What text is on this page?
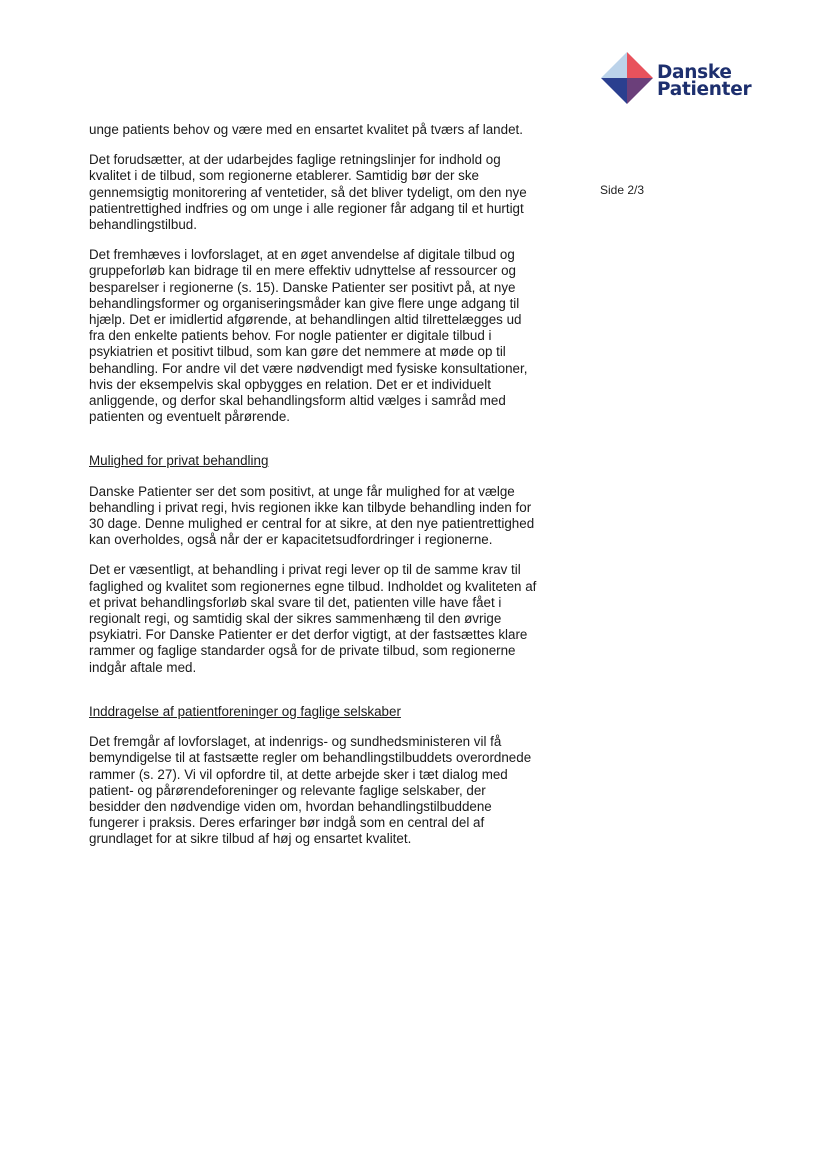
Danske
Patienter
Side 2/3

unge patients behov og være med en ensartet kvalitet på tværs af landet.

Det forudsætter, at der udarbejdes faglige retningslinjer for indhold og kvalitet i de tilbud, som regionerne etablerer. Samtidig bør der ske gennemsigtig monitorering af ventetider, så det bliver tydeligt, om den nye patientrettighed indfries og om unge i alle regioner får adgang til et hurtigt behandlingstilbud.

Det fremhæves i lovforslaget, at en øget anvendelse af digitale tilbud og gruppeforløb kan bidrage til en mere effektiv udnyttelse af ressourcer og besparelser i regionerne (s. 15). Danske Patienter ser positivt på, at nye behandlingsformer og organiseringsmåder kan give flere unge adgang til hjælp. Det er imidlertid afgørende, at behandlingen altid tilrettelægges ud fra den enkelte patients behov. For nogle patienter er digitale tilbud i psykiatrien et positivt tilbud, som kan gøre det nemmere at møde op til behandling. For andre vil det være nødvendigt med fysiske konsultationer, hvis der eksempelvis skal opbygges en relation. Det er et individuelt anliggende, og derfor skal behandlingsform altid vælges i samråd med patienten og eventuelt pårørende.

Mulighed for privat behandling

Danske Patienter ser det som positivt, at unge får mulighed for at vælge behandling i privat regi, hvis regionen ikke kan tilbyde behandling inden for 30 dage. Denne mulighed er central for at sikre, at den nye patientrettighed kan overholdes, også når der er kapacitetsudfordringer i regionerne.

Det er væsentligt, at behandling i privat regi lever op til de samme krav til faglighed og kvalitet som regionernes egne tilbud. Indholdet og kvaliteten af et privat behandlingsforløb skal svare til det, patienten ville have fået i regionalt regi, og samtidig skal der sikres sammenhæng til den øvrige psykiatri. For Danske Patienter er det derfor vigtigt, at der fastsættes klare rammer og faglige standarder også for de private tilbud, som regionerne indgår aftale med.

Inddragelse af patientforeninger og faglige selskaber

Det fremgår af lovforslaget, at indenrigs- og sundhedsministeren vil få bemyndigelse til at fastsætte regler om behandlingstilbuddets overordnede rammer (s. 27). Vi vil opfordre til, at dette arbejde sker i tæt dialog med patient- og pårørendeforeninger og relevante faglige selskaber, der besidder den nødvendige viden om, hvordan behandlingstilbuddene fungerer i praksis. Deres erfaringer bør indgå som en central del af grundlaget for at sikre tilbud af høj og ensartet kvalitet.
